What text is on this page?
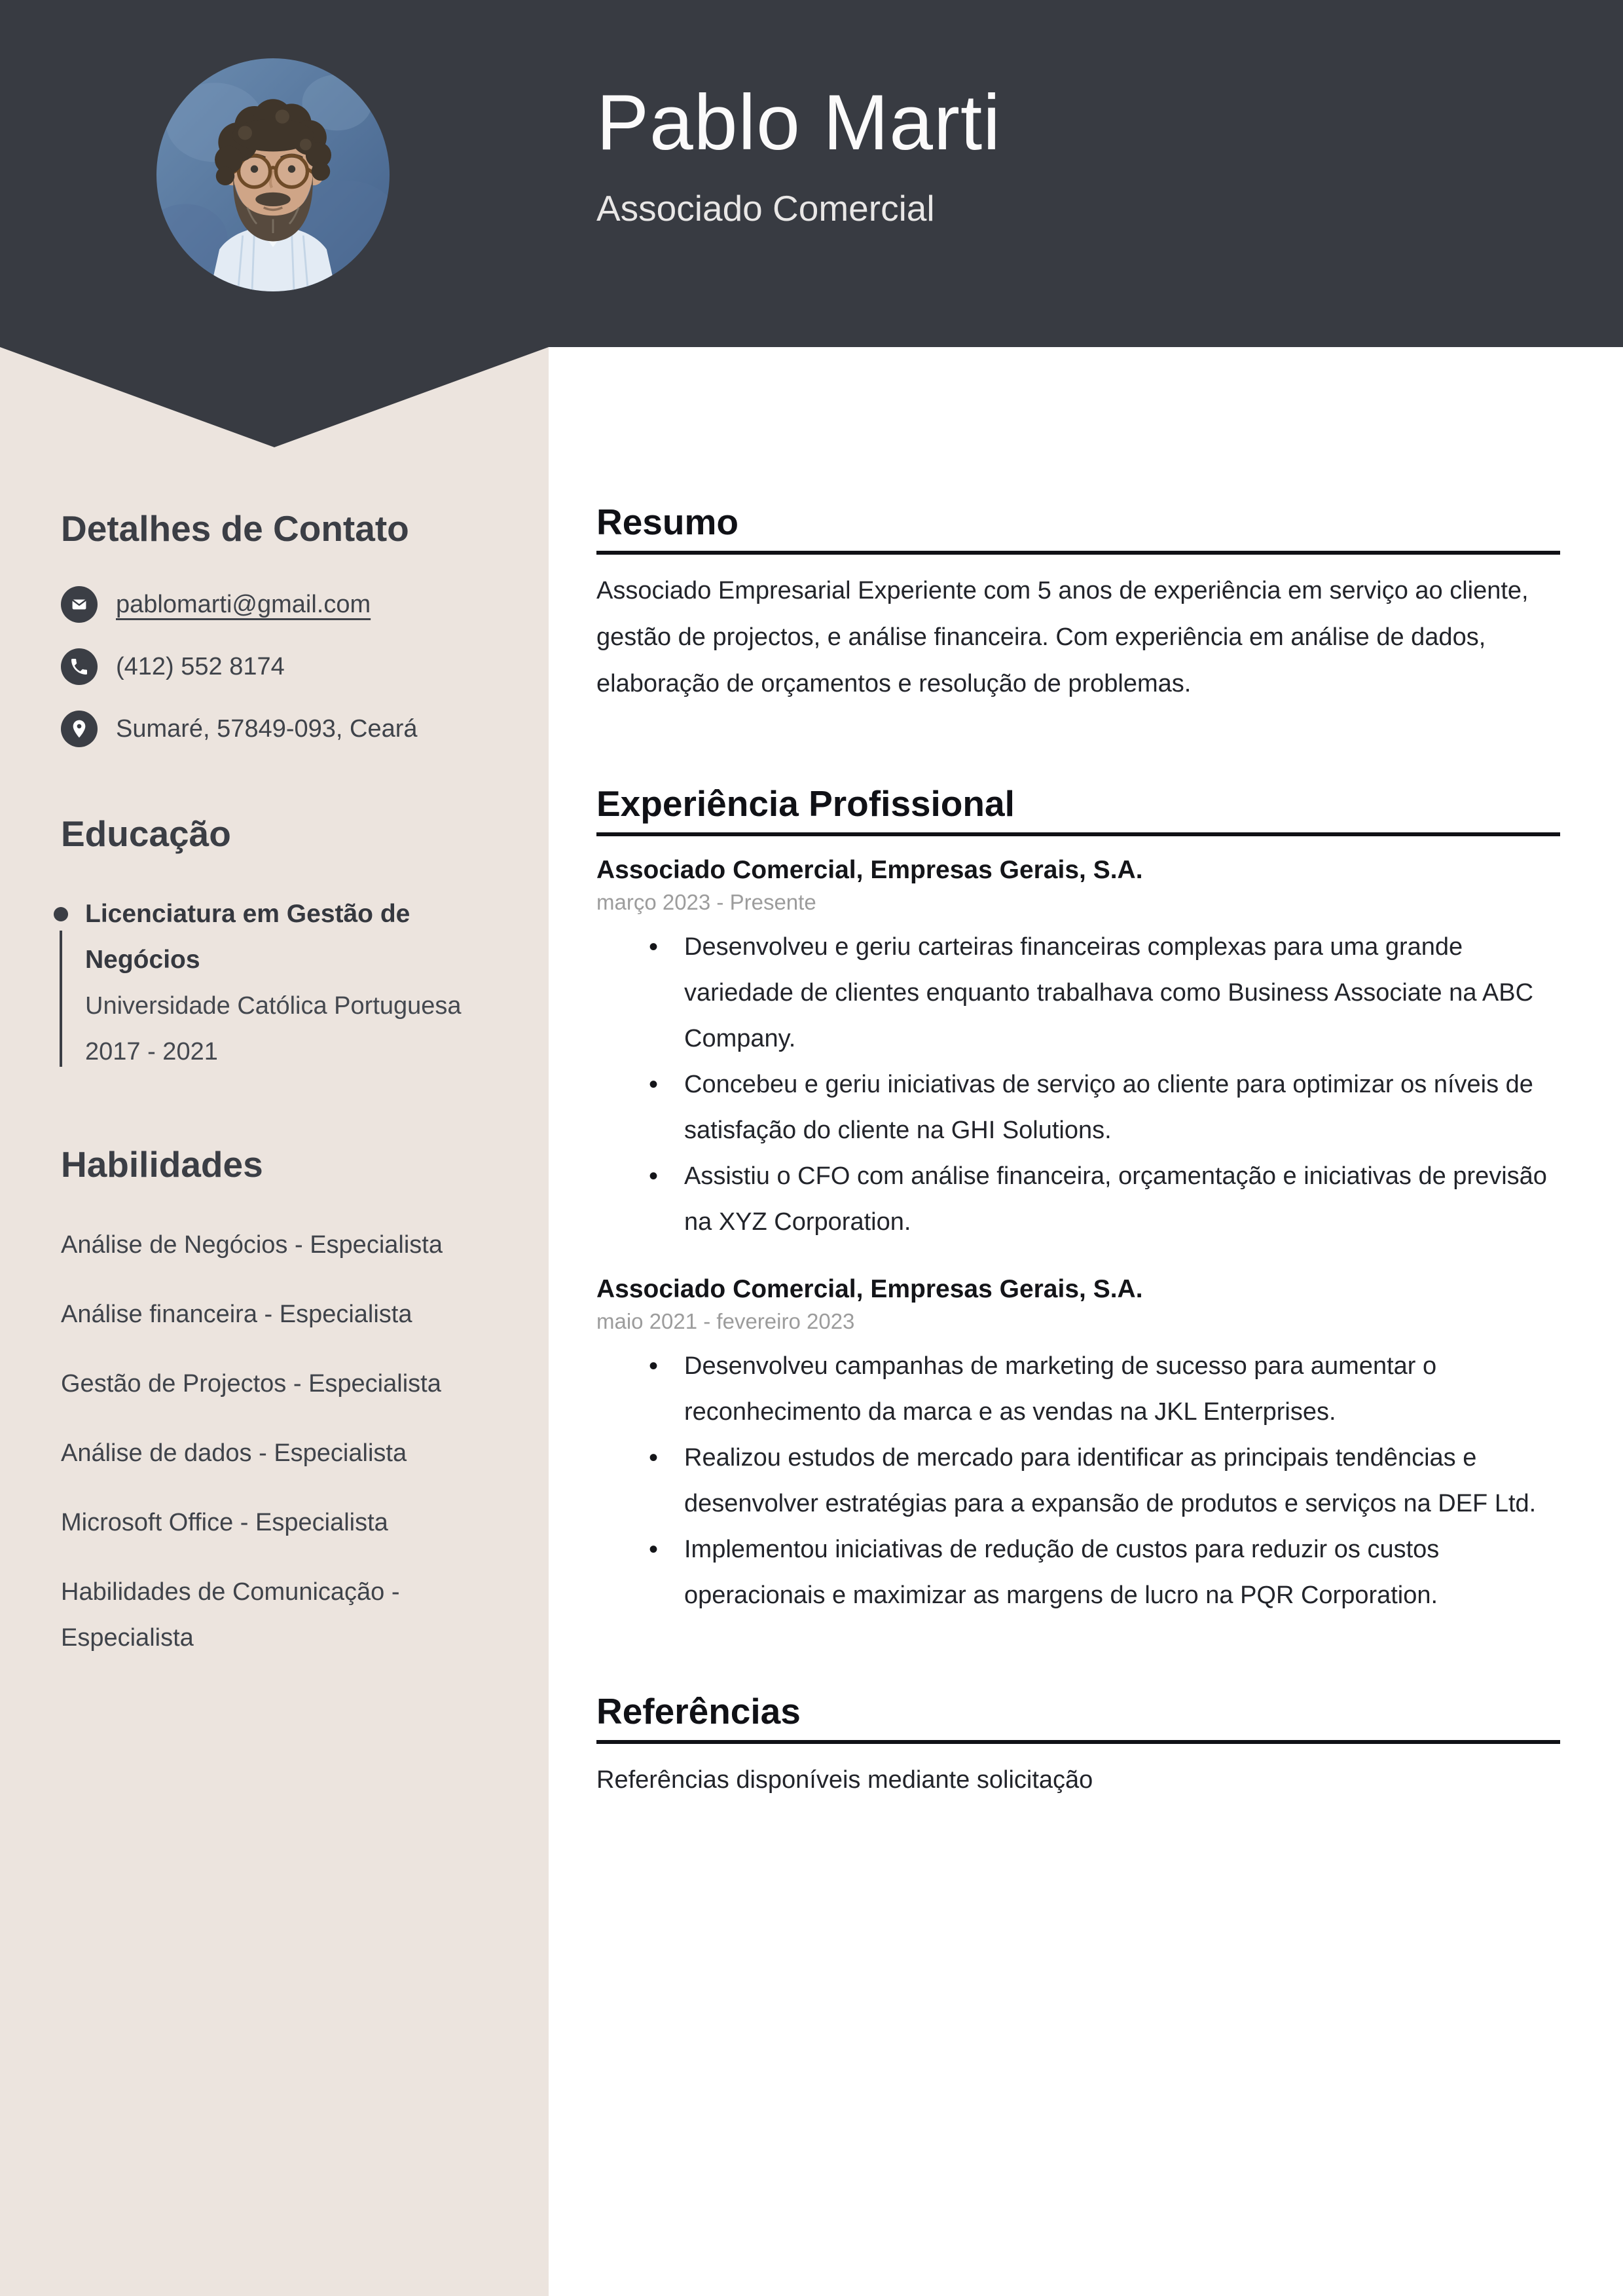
Pablo Marti
Associado Comercial
Detalhes de Contato
pablomarti@gmail.com
(412) 552 8174
Sumaré, 57849-093, Ceará
Educação
Licenciatura em Gestão de Negócios
Universidade Católica Portuguesa
2017 - 2021
Habilidades
Análise de Negócios - Especialista
Análise financeira - Especialista
Gestão de Projectos - Especialista
Análise de dados - Especialista
Microsoft Office - Especialista
Habilidades de Comunicação - Especialista
Resumo

Associado Empresarial Experiente com 5 anos de experiência em serviço ao cliente, gestão de projectos, e análise financeira. Com experiência em análise de dados, elaboração de orçamentos e resolução de problemas.

Experiência Profissional
Associado Comercial, Empresas Gerais, S.A.
março 2023 - Presente
• Desenvolveu e geriu carteiras financeiras complexas para uma grande variedade de clientes enquanto trabalhava como Business Associate na ABC Company.
• Concebeu e geriu iniciativas de serviço ao cliente para optimizar os níveis de satisfação do cliente na GHI Solutions.
• Assistiu o CFO com análise financeira, orçamentação e iniciativas de previsão na XYZ Corporation.
Associado Comercial, Empresas Gerais, S.A.
maio 2021 - fevereiro 2023
• Desenvolveu campanhas de marketing de sucesso para aumentar o reconhecimento da marca e as vendas na JKL Enterprises.
• Realizou estudos de mercado para identificar as principais tendências e desenvolver estratégias para a expansão de produtos e serviços na DEF Ltd.
• Implementou iniciativas de redução de custos para reduzir os custos operacionais e maximizar as margens de lucro na PQR Corporation.
Referências

Referências disponíveis mediante solicitação
